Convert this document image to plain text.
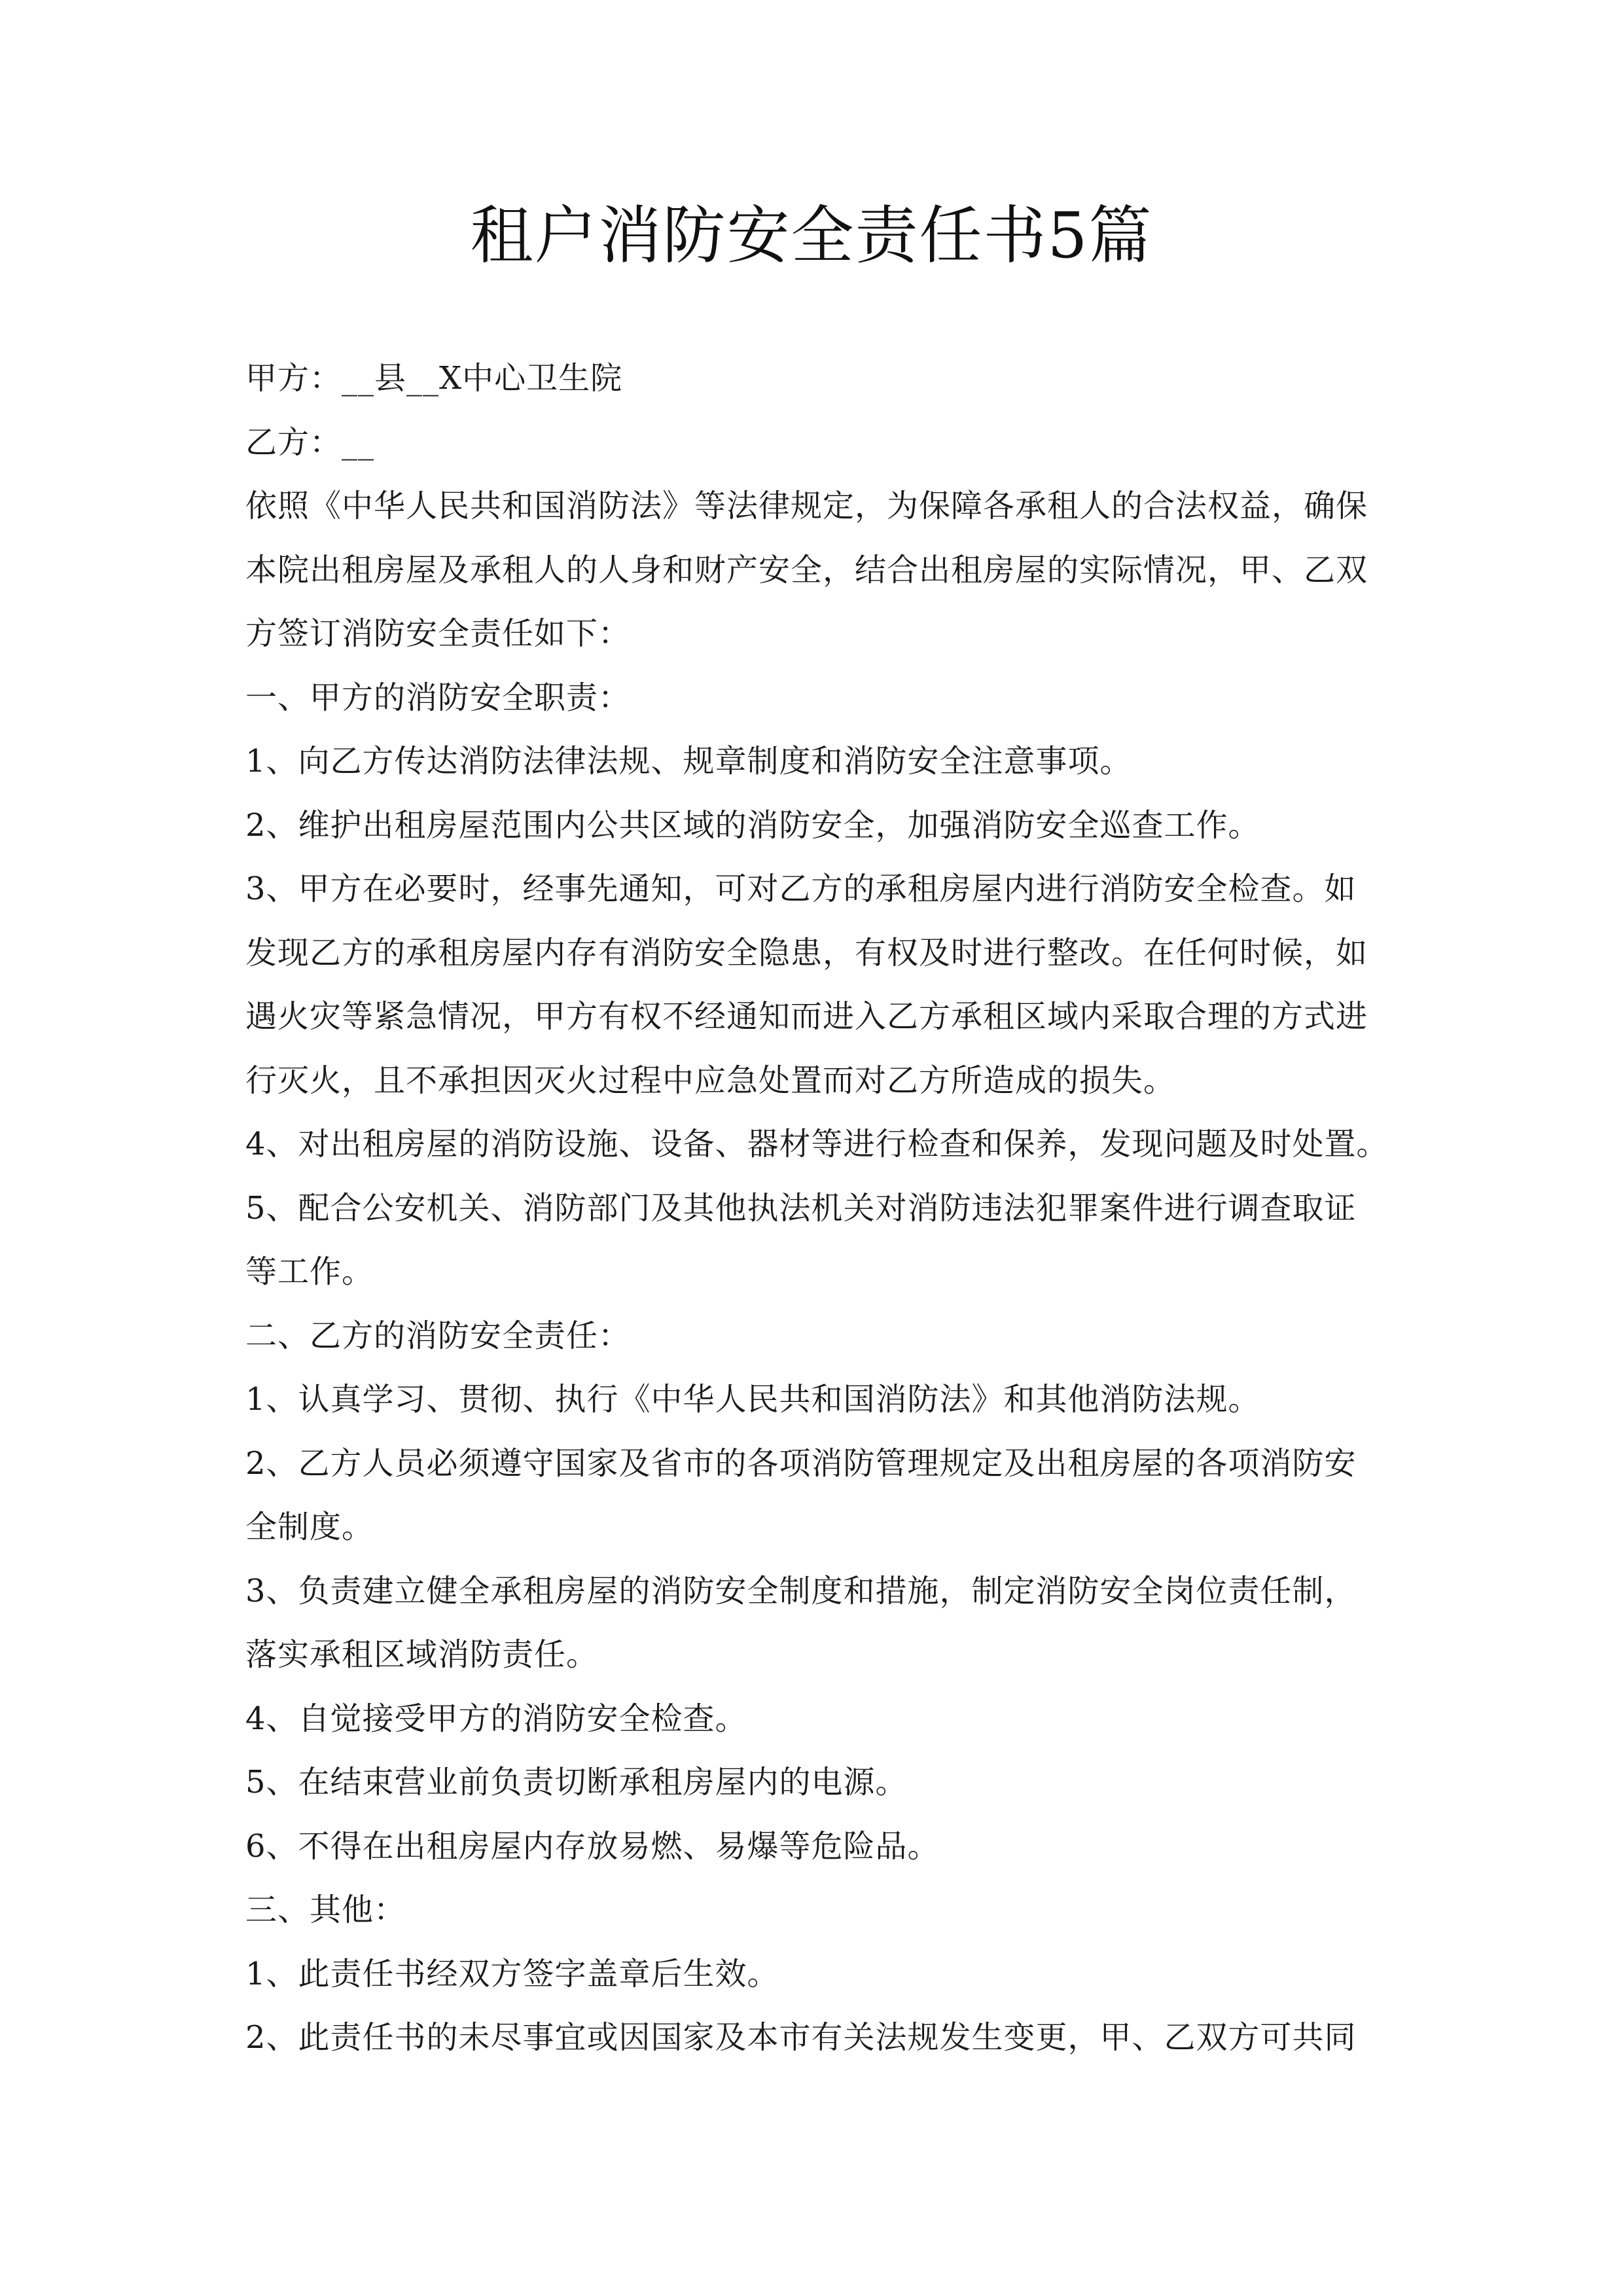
租户消防安全责任书5篇

甲方：__县__X中心卫生院

乙方：__

依照《中华人民共和国消防法》等法律规定，为保障各承租人的合法权益，确保

本院出租房屋及承租人的人身和财产安全，结合出租房屋的实际情况，甲、乙双

方签订消防安全责任如下：

一、甲方的消防安全职责：

1、向乙方传达消防法律法规、规章制度和消防安全注意事项。

2、维护出租房屋范围内公共区域的消防安全，加强消防安全巡查工作。

3、甲方在必要时，经事先通知，可对乙方的承租房屋内进行消防安全检查。如

发现乙方的承租房屋内存有消防安全隐患，有权及时进行整改。在任何时候，如

遇火灾等紧急情况，甲方有权不经通知而进入乙方承租区域内采取合理的方式进

行灭火，且不承担因灭火过程中应急处置而对乙方所造成的损失。

4、对出租房屋的消防设施、设备、器材等进行检查和保养，发现问题及时处置。

5、配合公安机关、消防部门及其他执法机关对消防违法犯罪案件进行调查取证

等工作。

二、乙方的消防安全责任：

1、认真学习、贯彻、执行《中华人民共和国消防法》和其他消防法规。

2、乙方人员必须遵守国家及省市的各项消防管理规定及出租房屋的各项消防安

全制度。

3、负责建立健全承租房屋的消防安全制度和措施，制定消防安全岗位责任制，

落实承租区域消防责任。

4、自觉接受甲方的消防安全检查。

5、在结束营业前负责切断承租房屋内的电源。

6、不得在出租房屋内存放易燃、易爆等危险品。

三、其他：

1、此责任书经双方签字盖章后生效。

2、此责任书的未尽事宜或因国家及本市有关法规发生变更，甲、乙双方可共同
